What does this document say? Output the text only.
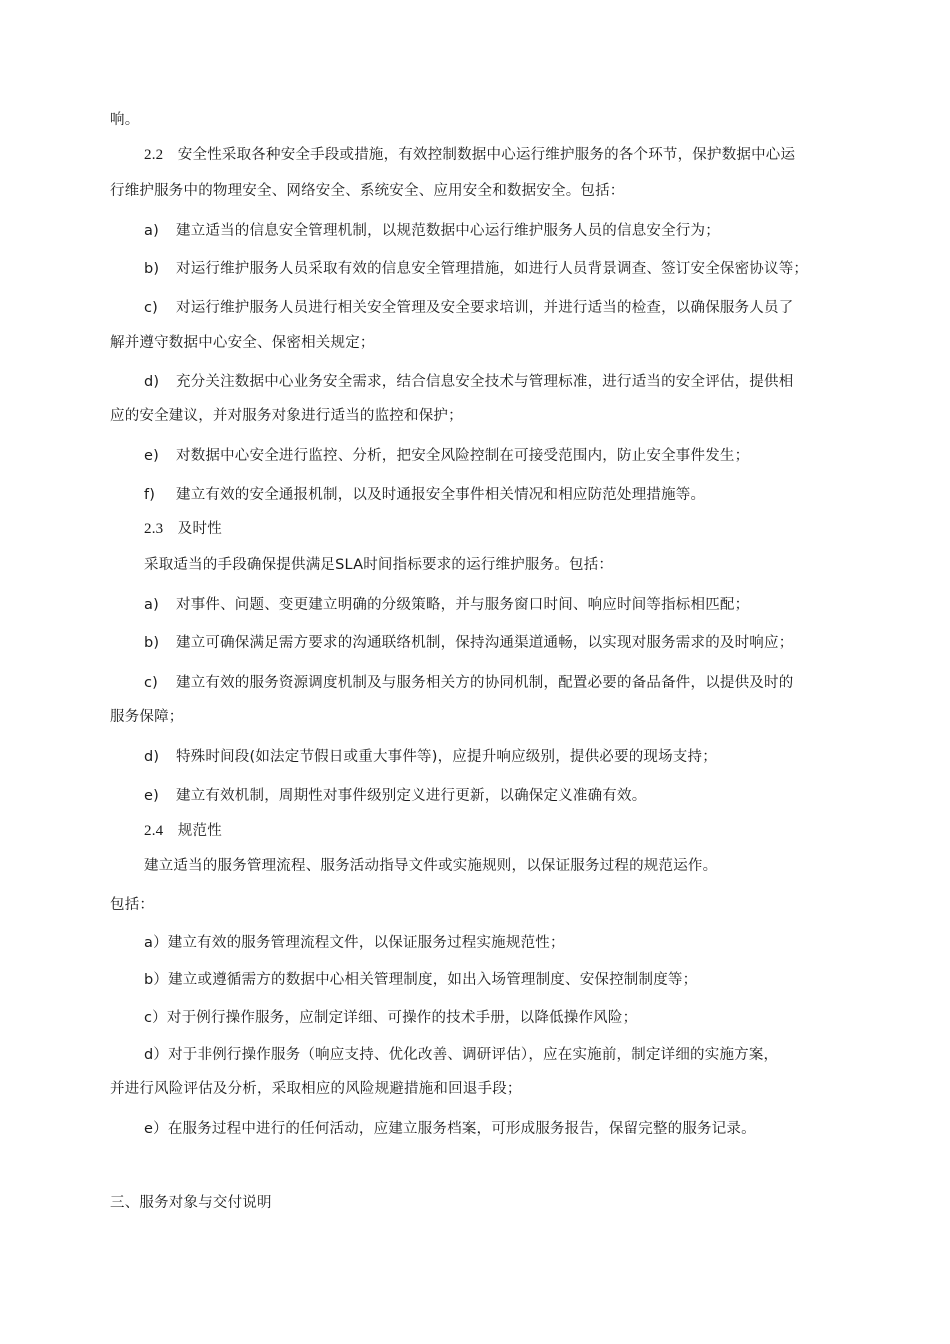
响。
2.2 安全性采取各种安全手段或措施，有效控制数据中心运行维护服务的各个环节，保护数据中心运
行维护服务中的物理安全、网络安全、系统安全、应用安全和数据安全。包括：
a) 建立适当的信息安全管理机制，以规范数据中心运行维护服务人员的信息安全行为；
b) 对运行维护服务人员采取有效的信息安全管理措施，如进行人员背景调查、签订安全保密协议等；
c) 对运行维护服务人员进行相关安全管理及安全要求培训，并进行适当的检查，以确保服务人员了
解并遵守数据中心安全、保密相关规定；
d) 充分关注数据中心业务安全需求，结合信息安全技术与管理标准，进行适当的安全评估，提供相
应的安全建议，并对服务对象进行适当的监控和保护；
e) 对数据中心安全进行监控、分析，把安全风险控制在可接受范围内，防止安全事件发生；
f) 建立有效的安全通报机制，以及时通报安全事件相关情况和相应防范处理措施等。
2.3 及时性
采取适当的手段确保提供满足SLA时间指标要求的运行维护服务。包括：
a) 对事件、问题、变更建立明确的分级策略，并与服务窗口时间、响应时间等指标相匹配；
b) 建立可确保满足需方要求的沟通联络机制，保持沟通渠道通畅，以实现对服务需求的及时响应；
c) 建立有效的服务资源调度机制及与服务相关方的协同机制，配置必要的备品备件，以提供及时的
服务保障；
d) 特殊时间段(如法定节假日或重大事件等)，应提升响应级别，提供必要的现场支持；
e) 建立有效机制，周期性对事件级别定义进行更新，以确保定义准确有效。
2.4 规范性
建立适当的服务管理流程、服务活动指导文件或实施规则，以保证服务过程的规范运作。
包括：
a）建立有效的服务管理流程文件，以保证服务过程实施规范性；
b）建立或遵循需方的数据中心相关管理制度，如出入场管理制度、安保控制制度等；
c）对于例行操作服务，应制定详细、可操作的技术手册，以降低操作风险；
d）对于非例行操作服务（响应支持、优化改善、调研评估），应在实施前，制定详细的实施方案，
并进行风险评估及分析，采取相应的风险规避措施和回退手段；
e）在服务过程中进行的任何活动，应建立服务档案，可形成服务报告，保留完整的服务记录。
三、服务对象与交付说明
